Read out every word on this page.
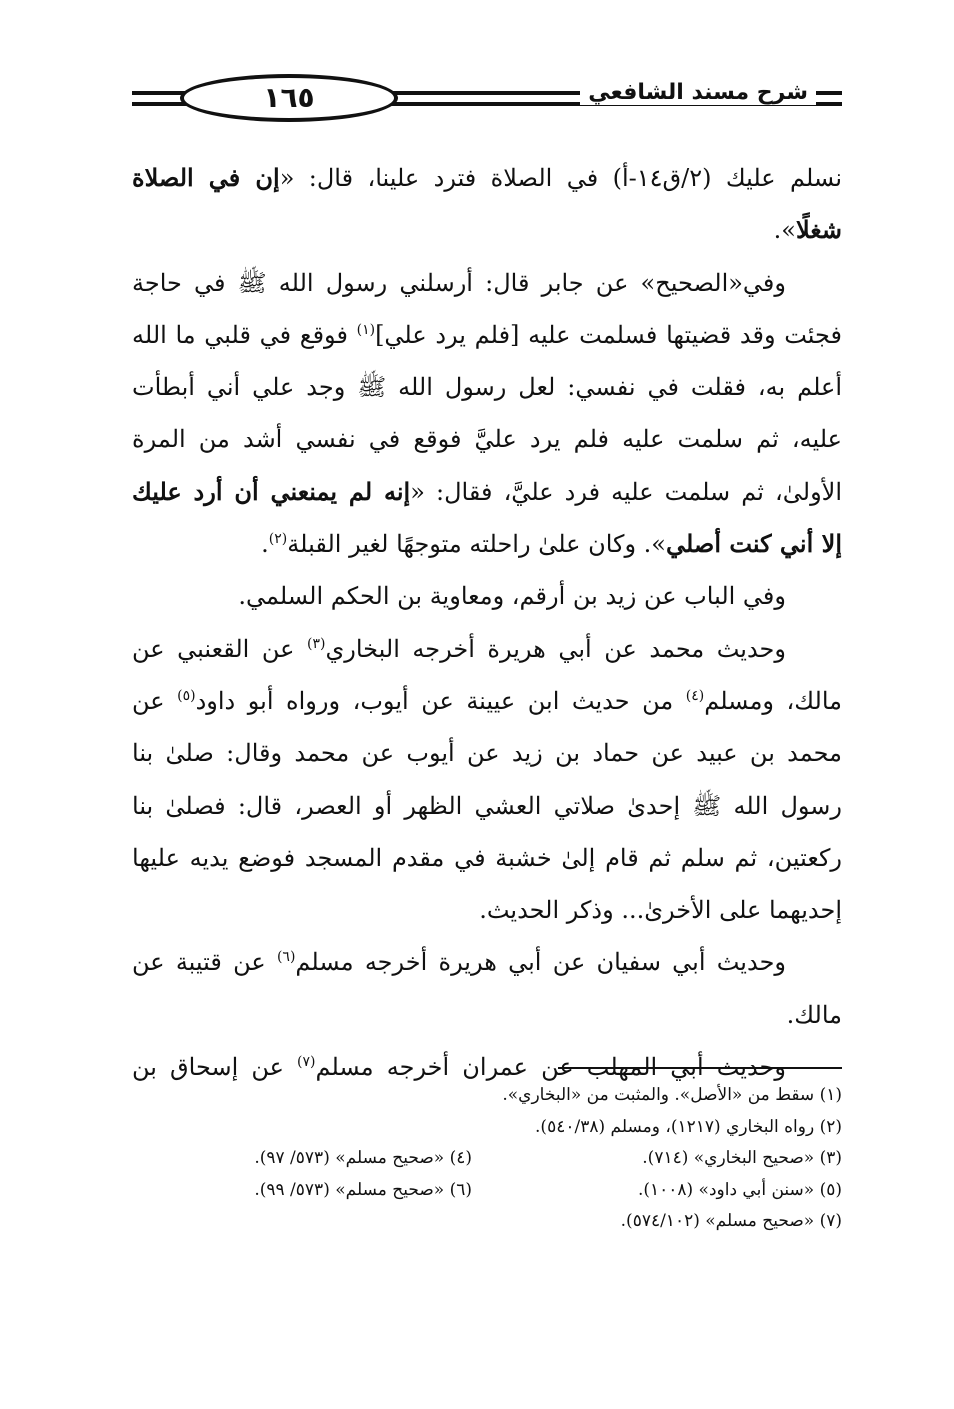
١٦٥	شرح مسند الشافعي
نسلم عليك (٢/ق١٤-أ) في الصلاة فترد علينا، قال: «إن في الصلاة
شغلًا».
وفي«الصحيح» عن جابر قال: أرسلني رسول الله ﷺ في حاجة
فجئت وقد قضيتها فسلمت عليه [فلم يرد علي]$^{(١)}$ فوقع في قلبي ما الله
أعلم به، فقلت في نفسي: لعل رسول الله ﷺ وجد علي أني أبطأت
عليه، ثم سلمت عليه فلم يرد عليَّ فوقع في نفسي أشد من المرة
الأولىٰ، ثم سلمت عليه فرد عليَّ، فقال: «إنه لم يمنعني أن أرد عليك
إلا أني كنت أصلي». وكان علىٰ راحلته متوجهًا لغير القبلة$^{(٢)}$.
وفي الباب عن زيد بن أرقم، ومعاوية بن الحكم السلمي.
وحديث محمد عن أبي هريرة أخرجه البخاري$^{(٣)}$ عن القعنبي عن
مالك، ومسلم$^{(٤)}$ من حديث ابن عيينة عن أيوب، ورواه أبو داود$^{(٥)}$ عن
محمد بن عبيد عن حماد بن زيد عن أيوب عن محمد وقال: صلىٰ بنا
رسول الله ﷺ إحدىٰ صلاتي العشي الظهر أو العصر، قال: فصلىٰ بنا
ركعتين، ثم سلم ثم قام إلىٰ خشبة في مقدم المسجد فوضع يديه عليها
إحديهما على الأخرىٰ... وذكر الحديث.
وحديث أبي سفيان عن أبي هريرة أخرجه مسلم$^{(٦)}$ عن قتيبة عن
مالك.
وحديث أبي المهلب عن عمران أخرجه مسلم$^{(٧)}$ عن إسحاق بن
(١) سقط من «الأصل». والمثبت من «البخاري».
(٢) رواه البخاري (١٢١٧)، ومسلم (٥٤٠/٣٨).
(٣) «صحيح البخاري» (٧١٤).
(٤) «صحيح مسلم» (٥٧٣/ ٩٧).
(٥) «سنن أبي داود» (١٠٠٨).
(٦) «صحيح مسلم» (٥٧٣/ ٩٩).
(٧) «صحيح مسلم» (٥٧٤/١٠٢).
